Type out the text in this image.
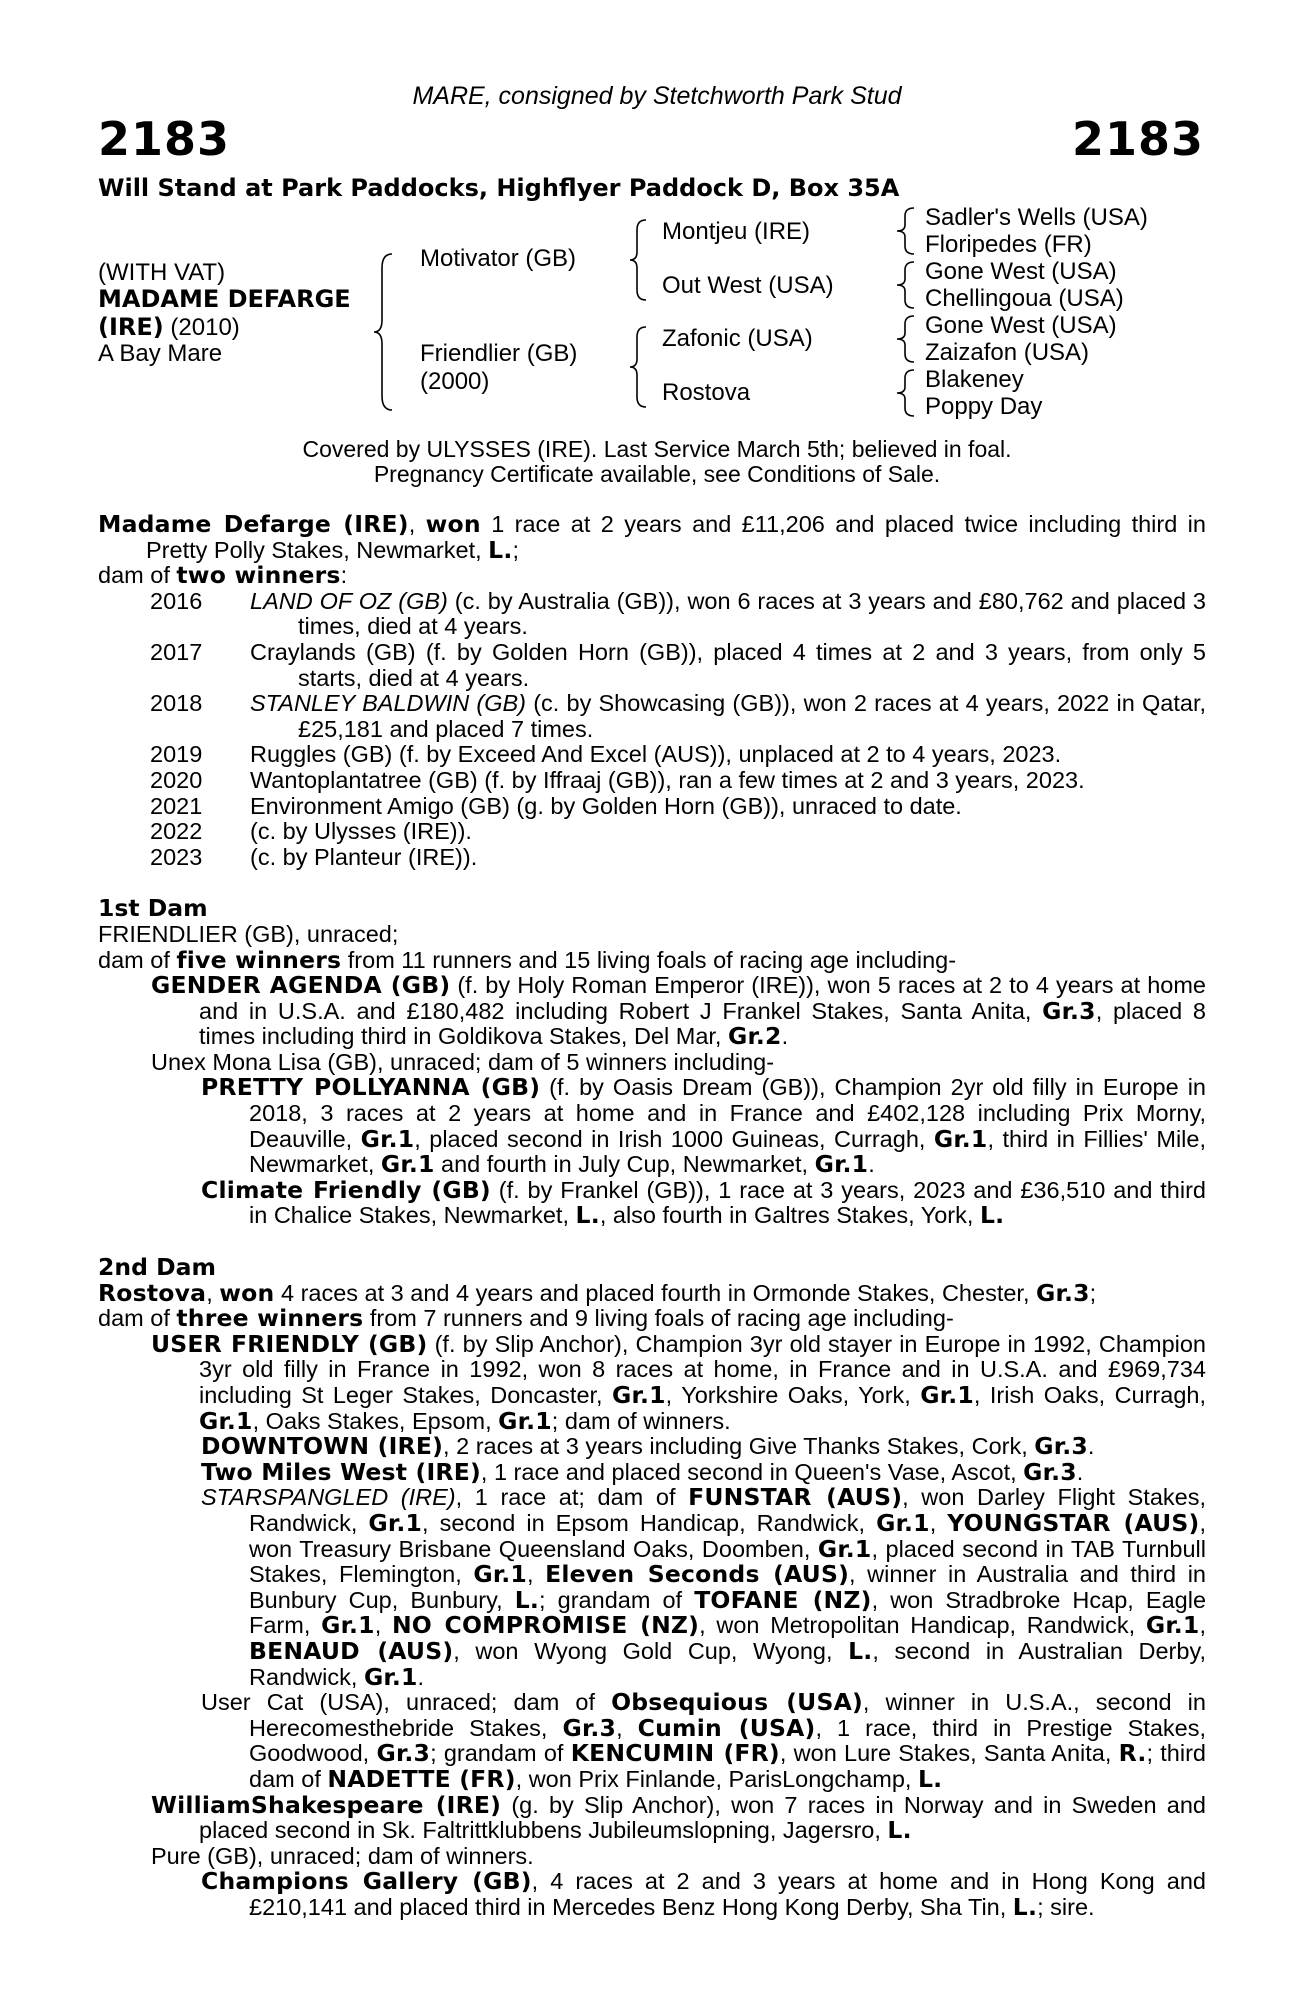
MARE, consigned by Stetchworth Park Stud
2183	2183
Will Stand at Park Paddocks, Highflyer Paddock D, Box 35A
(WITH VAT)
MADAME DEFARGE
(IRE) (2010)
A Bay Mare
Motivator (GB)
Friendlier (GB)
(2000)
Montjeu (IRE)
Out West (USA)
Zafonic (USA)
Rostova
Sadler's Wells (USA)
Floripedes (FR)
Gone West (USA)
Chellingoua (USA)
Gone West (USA)
Zaizafon (USA)
Blakeney
Poppy Day
Covered by ULYSSES (IRE). Last Service March 5th; believed in foal.
Pregnancy Certificate available, see Conditions of Sale.

Madame Defarge (IRE), won 1 race at 2 years and £11,206 and placed twice including third in Pretty Polly Stakes, Newmarket, L.;

dam of two winners:

2016	LAND OF OZ (GB) (c. by Australia (GB)), won 6 races at 3 years and £80,762 and placed 3 times, died at 4 years.
2017	Craylands (GB) (f. by Golden Horn (GB)), placed 4 times at 2 and 3 years, from only 5 starts, died at 4 years.
2018	STANLEY BALDWIN (GB) (c. by Showcasing (GB)), won 2 races at 4 years, 2022 in Qatar, £25,181 and placed 7 times.
2019	Ruggles (GB) (f. by Exceed And Excel (AUS)), unplaced at 2 to 4 years, 2023.
2020	Wantoplantatree (GB) (f. by Iffraaj (GB)), ran a few times at 2 and 3 years, 2023.
2021	Environment Amigo (GB) (g. by Golden Horn (GB)), unraced to date.
2022	(c. by Ulysses (IRE)).
2023	(c. by Planteur (IRE)).

1st Dam

FRIENDLIER (GB), unraced;

dam of five winners from 11 runners and 15 living foals of racing age including-

GENDER AGENDA (GB) (f. by Holy Roman Emperor (IRE)), won 5 races at 2 to 4 years at home and in U.S.A. and £180,482 including Robert J Frankel Stakes, Santa Anita, Gr.3, placed 8 times including third in Goldikova Stakes, Del Mar, Gr.2.

Unex Mona Lisa (GB), unraced; dam of 5 winners including-

PRETTY POLLYANNA (GB) (f. by Oasis Dream (GB)), Champion 2yr old filly in Europe in 2018, 3 races at 2 years at home and in France and £402,128 including Prix Morny, Deauville, Gr.1, placed second in Irish 1000 Guineas, Curragh, Gr.1, third in Fillies' Mile, Newmarket, Gr.1 and fourth in July Cup, Newmarket, Gr.1.

Climate Friendly (GB) (f. by Frankel (GB)), 1 race at 3 years, 2023 and £36,510 and third in Chalice Stakes, Newmarket, L., also fourth in Galtres Stakes, York, L.

2nd Dam

Rostova, won 4 races at 3 and 4 years and placed fourth in Ormonde Stakes, Chester, Gr.3;

dam of three winners from 7 runners and 9 living foals of racing age including-

USER FRIENDLY (GB) (f. by Slip Anchor), Champion 3yr old stayer in Europe in 1992, Champion 3yr old filly in France in 1992, won 8 races at home, in France and in U.S.A. and £969,734 including St Leger Stakes, Doncaster, Gr.1, Yorkshire Oaks, York, Gr.1, Irish Oaks, Curragh, Gr.1, Oaks Stakes, Epsom, Gr.1; dam of winners.

DOWNTOWN (IRE), 2 races at 3 years including Give Thanks Stakes, Cork, Gr.3.

Two Miles West (IRE), 1 race and placed second in Queen's Vase, Ascot, Gr.3.

STARSPANGLED (IRE), 1 race at; dam of FUNSTAR (AUS), won Darley Flight Stakes, Randwick, Gr.1, second in Epsom Handicap, Randwick, Gr.1, YOUNGSTAR (AUS), won Treasury Brisbane Queensland Oaks, Doomben, Gr.1, placed second in TAB Turnbull Stakes, Flemington, Gr.1, Eleven Seconds (AUS), winner in Australia and third in Bunbury Cup, Bunbury, L.; grandam of TOFANE (NZ), won Stradbroke Hcap, Eagle Farm, Gr.1, NO COMPROMISE (NZ), won Metropolitan Handicap, Randwick, Gr.1, BENAUD (AUS), won Wyong Gold Cup, Wyong, L., second in Australian Derby, Randwick, Gr.1.

User Cat (USA), unraced; dam of Obsequious (USA), winner in U.S.A., second in Herecomesthebride Stakes, Gr.3, Cumin (USA), 1 race, third in Prestige Stakes, Goodwood, Gr.3; grandam of KENCUMIN (FR), won Lure Stakes, Santa Anita, R.; third dam of NADETTE (FR), won Prix Finlande, ParisLongchamp, L.

WilliamShakespeare (IRE) (g. by Slip Anchor), won 7 races in Norway and in Sweden and placed second in Sk. Faltrittklubbens Jubileumslopning, Jagersro, L.

Pure (GB), unraced; dam of winners.

Champions Gallery (GB), 4 races at 2 and 3 years at home and in Hong Kong and £210,141 and placed third in Mercedes Benz Hong Kong Derby, Sha Tin, L.; sire.
